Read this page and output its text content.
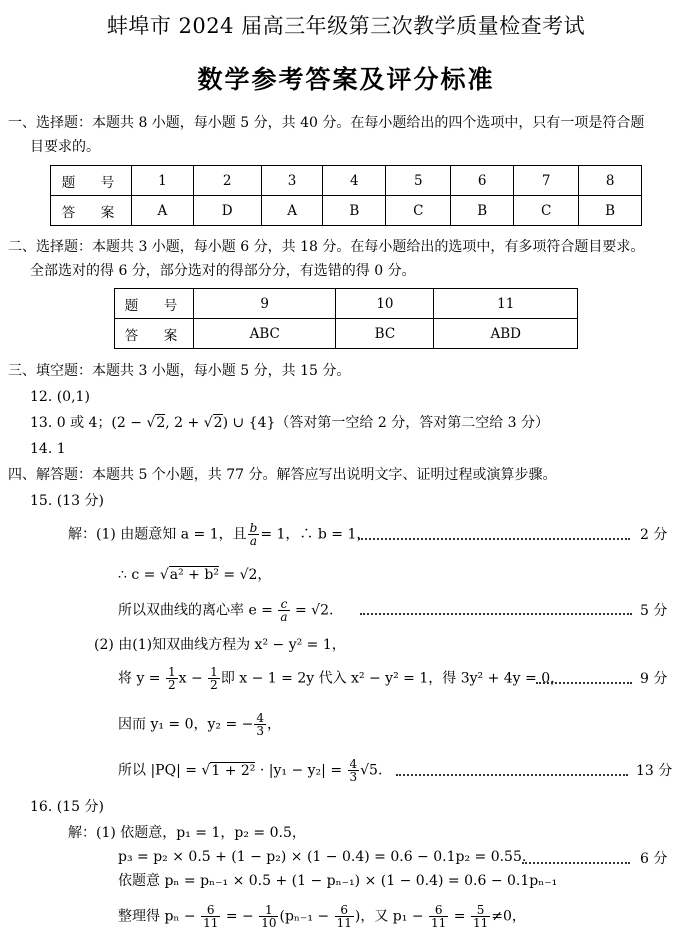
蚌埠市 2024 届高三年级第三次教学质量检查考试
数学参考答案及评分标准
一、选择题：本题共 8 小题，每小题 5 分，共 40 分。在每小题给出的四个选项中，只有一项是符合题
目要求的。
题　号	1	2	3	4	5	6	7	8
答　案	A	D	A	B	C	B	C	B
二、选择题：本题共 3 小题，每小题 6 分，共 18 分。在每小题给出的选项中，有多项符合题目要求。
全部选对的得 6 分，部分选对的得部分分，有选错的得 0 分。
题　号	9	10	11
答　案	ABC	BC	ABD
三、填空题：本题共 3 小题，每小题 5 分，共 15 分。
12. (0,1)
13. 0 或 4；(2 − √2, 2 + √2) ∪ {4}（答对第一空给 2 分，答对第二空给 3 分）
14. 1
四、解答题：本题共 5 个小题，共 77 分。解答应写出说明文字、证明过程或演算步骤。
15. (13 分)
解：(1) 由题意知 a = 1，且 $\frac{b}{a} = 1$，∴ b = 1，	2 分
∴ c = √a² + b² = √2，
所以双曲线的离心率 $e = \frac{c}{a} = √2$.	5 分
(2) 由(1)知双曲线方程为 x² − y² = 1，
将 $y = \frac{1}{2}$ $x - \frac{1}{2}$ 即 x − 1 = 2y 代入 x² − y² = 1，得 3y² + 4y = 0，	9 分
因而 y₁ = 0，y₂ = − $\frac{4}{3}$ ，
所以 $|PQ| = √1 + 2^2 \cdot |y_1 - y_2| = \frac{4}{3} √5$.	13 分
16. (15 分)
解：(1) 依题意，p₁ = 1，p₂ = 0.5，
p₃ = p₂ × 0.5 + (1 − p₂) × (1 − 0.4) = 0.6 − 0.1p₂ = 0.55.	6 分
依题意 pₙ = pₙ₋₁ × 0.5 + (1 − pₙ₋₁) × (1 − 0.4) = 0.6 − 0.1pₙ₋₁
整理得 $p_n - \frac{6}{11}$ = − $\frac{1}{10} (p_{n-1} - \frac{6}{11}$ )，又 $p_1 - \frac{6}{11} = \frac{5}{11} \ne 0$，
